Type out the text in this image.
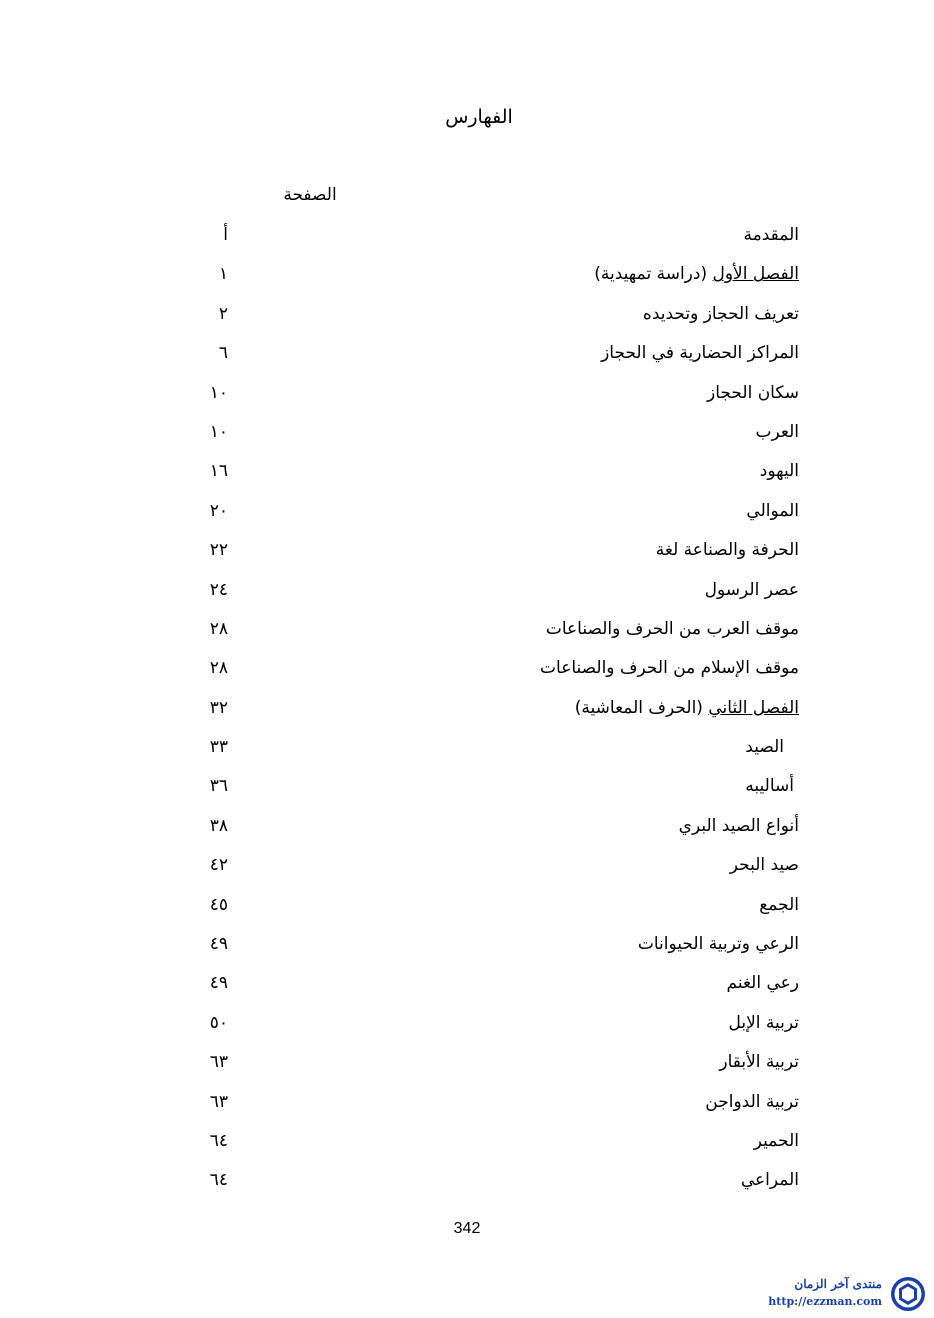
الفهارس
الصفحة
المقدمة
أ
الفصل الأول (دراسة تمهيدية)
١
تعريف الحجاز وتحديده
٢
المراكز الحضارية في الحجاز
٦
سكان الحجاز
١٠
العرب
١٠
اليهود
١٦
الموالي
٢٠
الحرفة والصناعة لغة
٢٢
عصر الرسول
٢٤
موقف العرب من الحرف والصناعات
٢٨
موقف الإسلام من الحرف والصناعات
٢٨
الفصل الثاني (الحرف المعاشية)
٣٢
الصيد
٣٣
أساليبه
٣٦
أنواع الصيد البري
٣٨
صيد البحر
٤٢
الجمع
٤٥
الرعي وتربية الحيوانات
٤٩
رعي الغنم
٤٩
تربية الإبل
٥٠
تربية الأبقار
٦٣
تربية الدواجن
٦٣
الحمير
٦٤
المراعي
٦٤
342
منتدى آخر الزمان
http://ezzman.com
